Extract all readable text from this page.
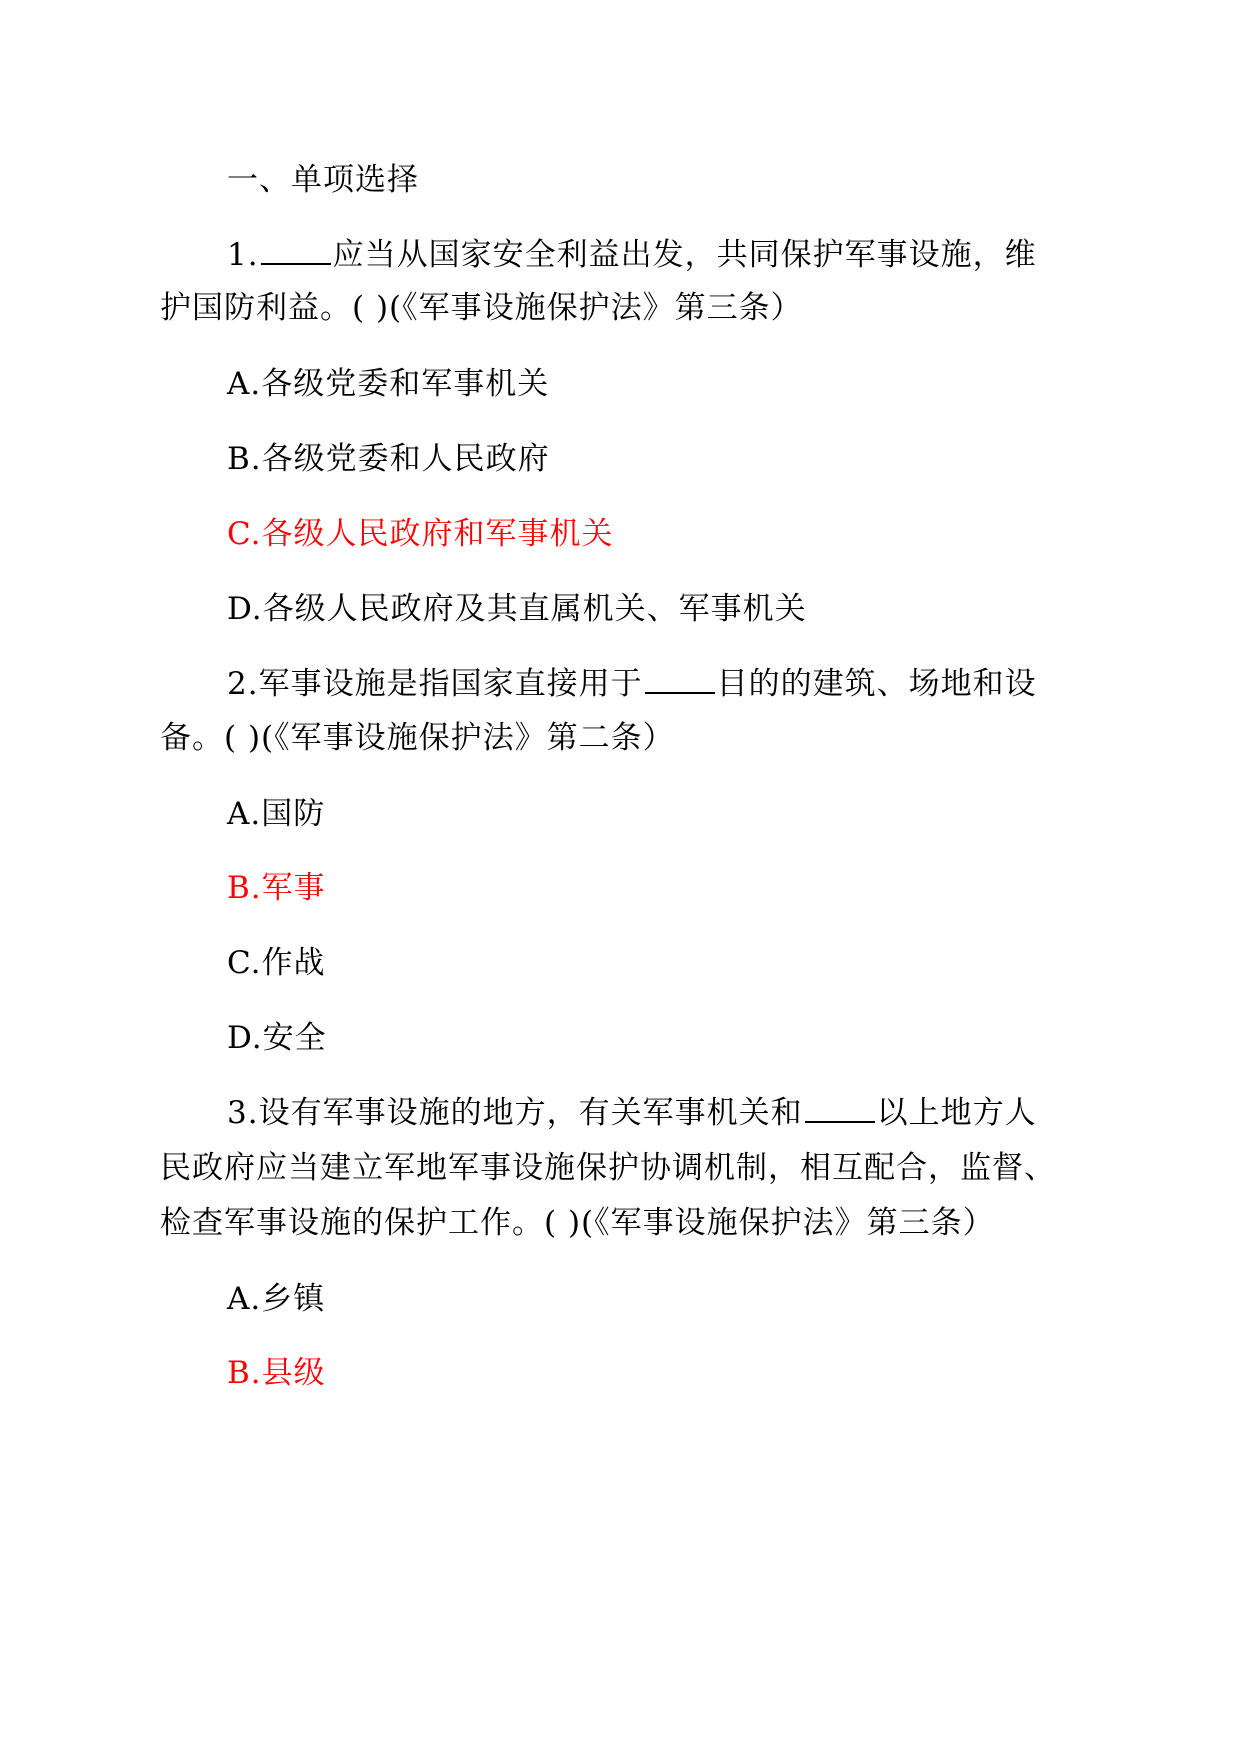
一、单项选择
1. 应当从国家安全利益出发，共同保护军事设施，维
护国防利益。( )(《军事设施保护法》第三条）
A.各级党委和军事机关
B.各级党委和人民政府
C.各级人民政府和军事机关
D.各级人民政府及其直属机关、军事机关
2.军事设施是指国家直接用于 目的的建筑、场地和设
备。( )(《军事设施保护法》第二条）
A.国防
B.军事
C.作战
D.安全
3.设有军事设施的地方，有关军事机关和 以上地方人
民政府应当建立军地军事设施保护协调机制，相互配合，监督、
检查军事设施的保护工作。( )(《军事设施保护法》第三条）
A.乡镇
B.县级
